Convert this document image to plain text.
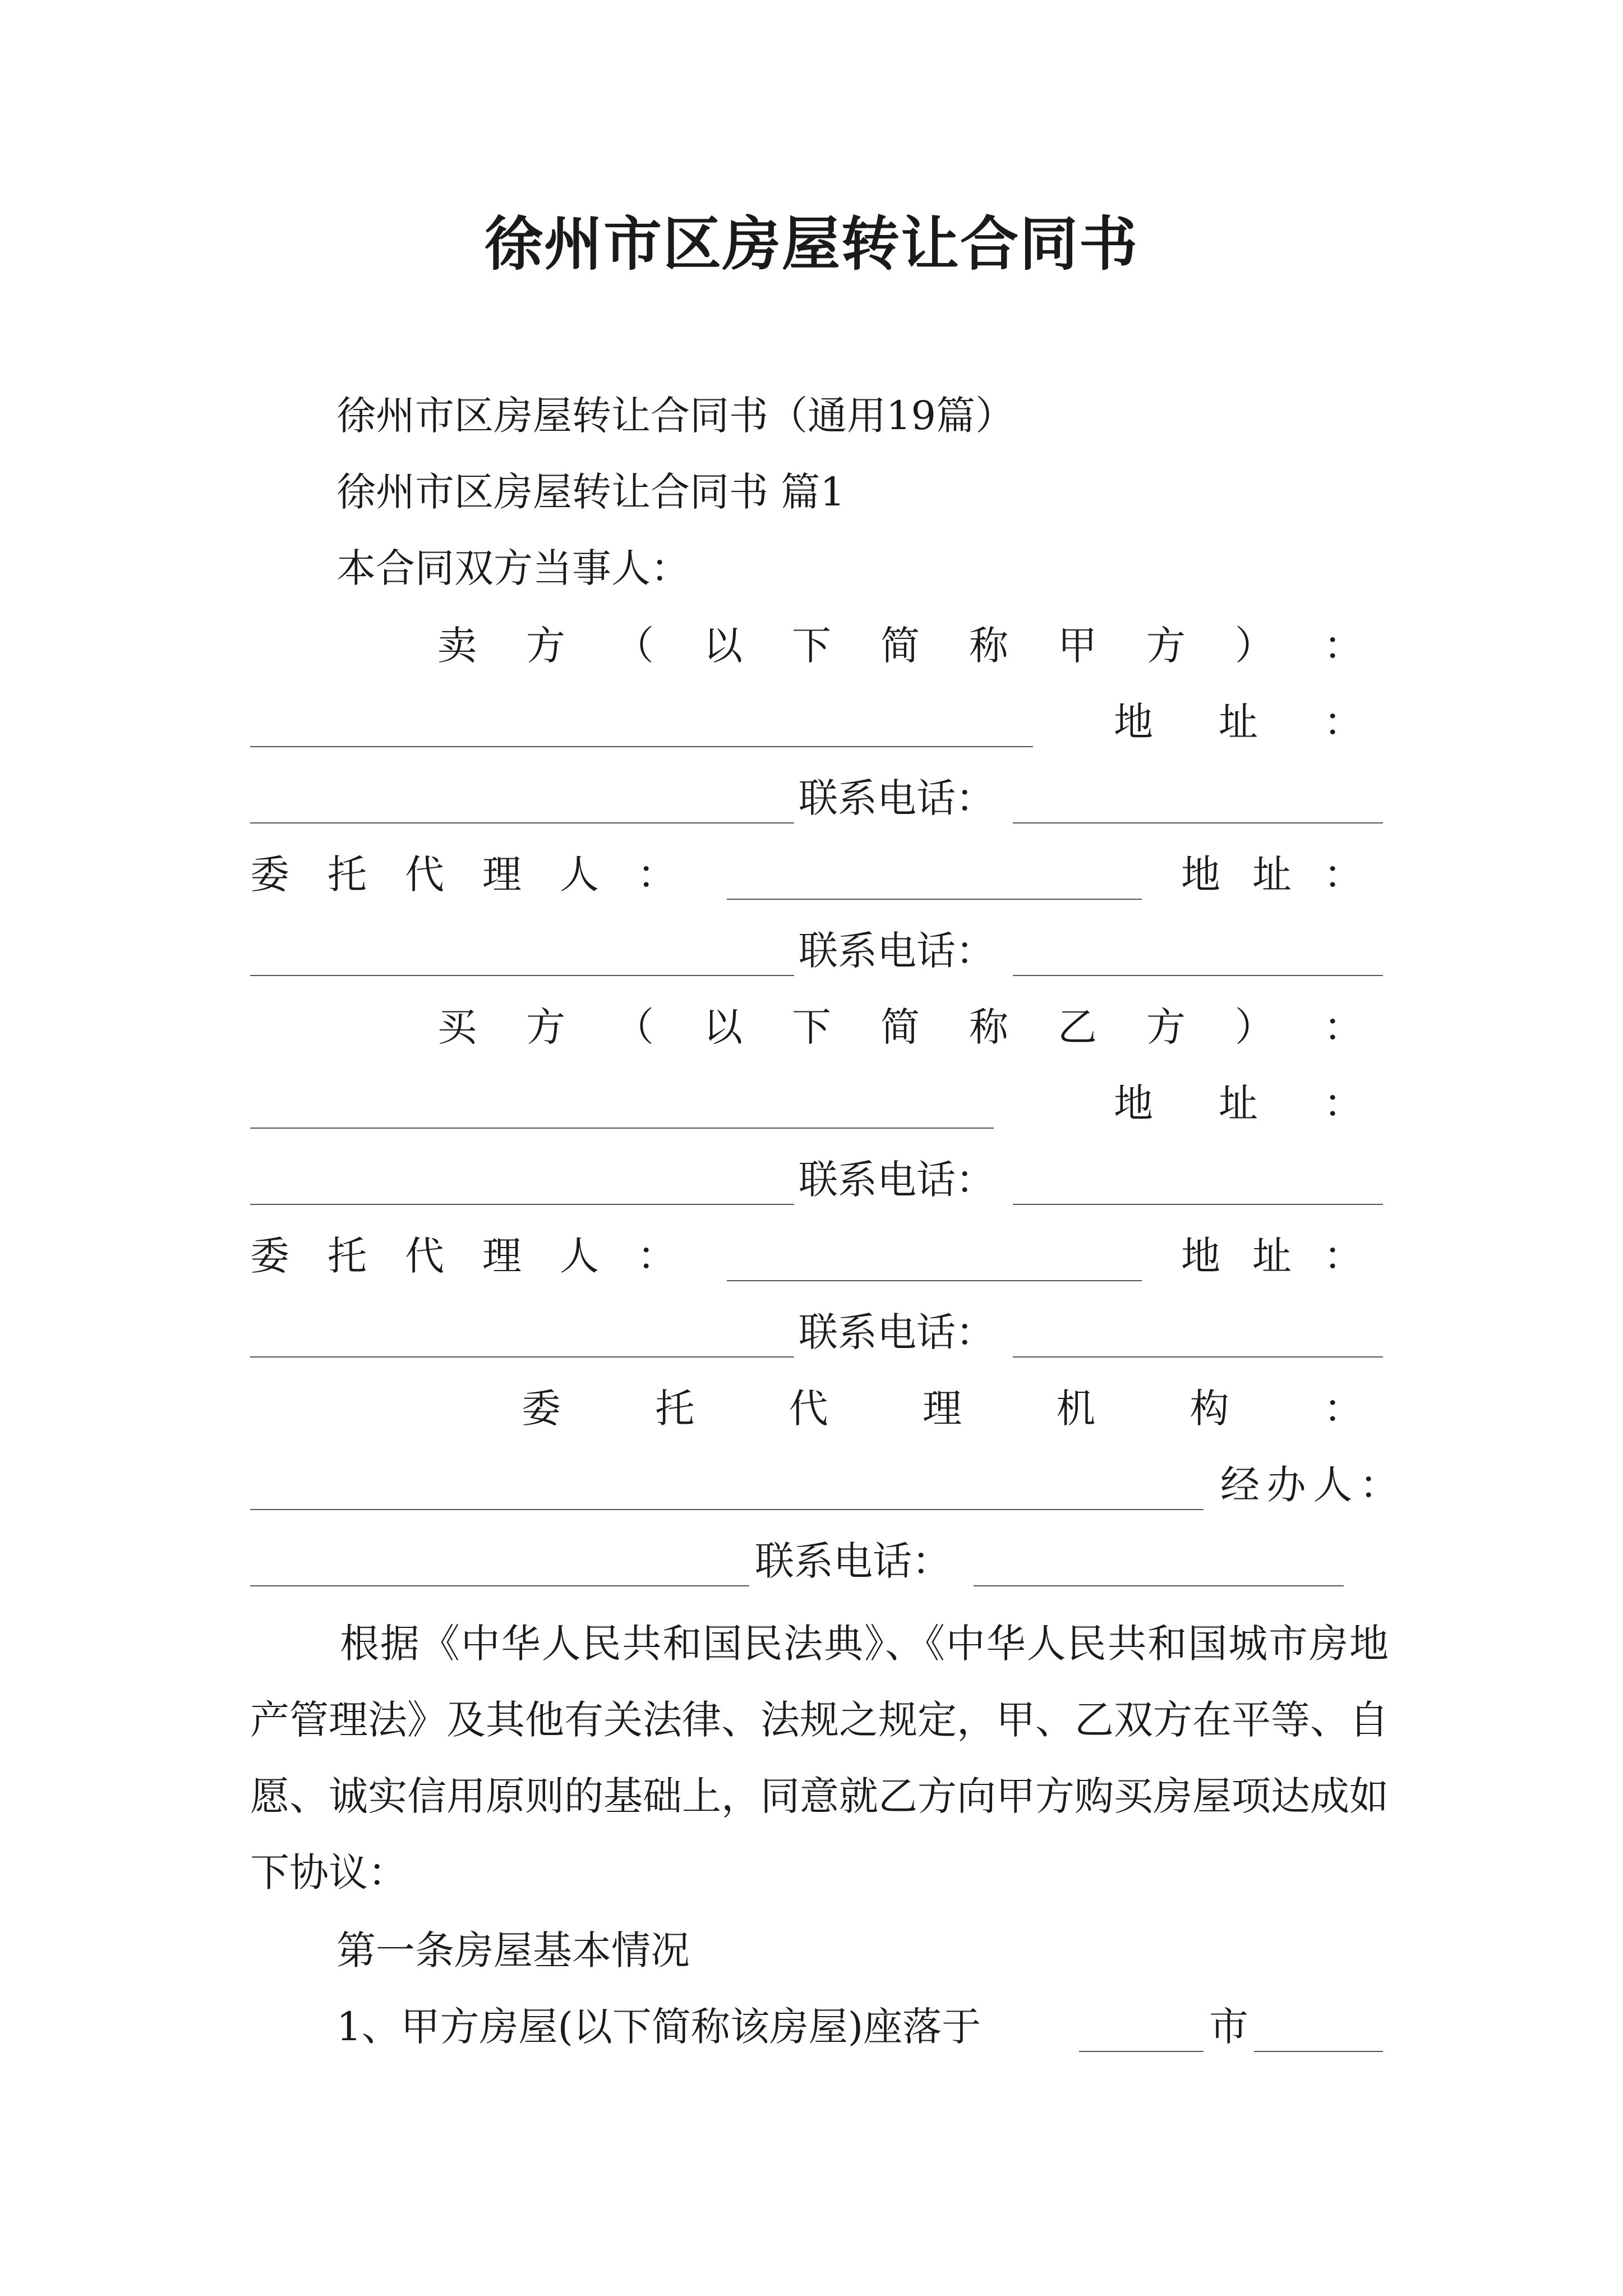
徐州市区房屋转让合同书
徐州市区房屋转让合同书（通用19篇）
徐州市区房屋转让合同书 篇1
本合同双方当事人：
卖 方 （ 以 下 简 称 甲 方 ） ：
地 址 ：
联系电话：
委 托 代 理 人 ：	地 址 ：
联系电话：
买 方 （ 以 下 简 称 乙 方 ） ：
地 址 ：
联系电话：
委 托 代 理 人 ：	地 址 ：
联系电话：
委 托 代 理 机 构 ：
经 办 人 ：
联系电话：
根据《中华人民共和国民法典》、《中华人民共和国城市房地产管理法》及其他有关法律、法规之规定，甲、乙双方在平等、自愿、诚实信用原则的基础上，同意就乙方向甲方购买房屋项达成如下协议：
第一条房屋基本情况
1、甲方房屋(以下简称该房屋)座落于	市
